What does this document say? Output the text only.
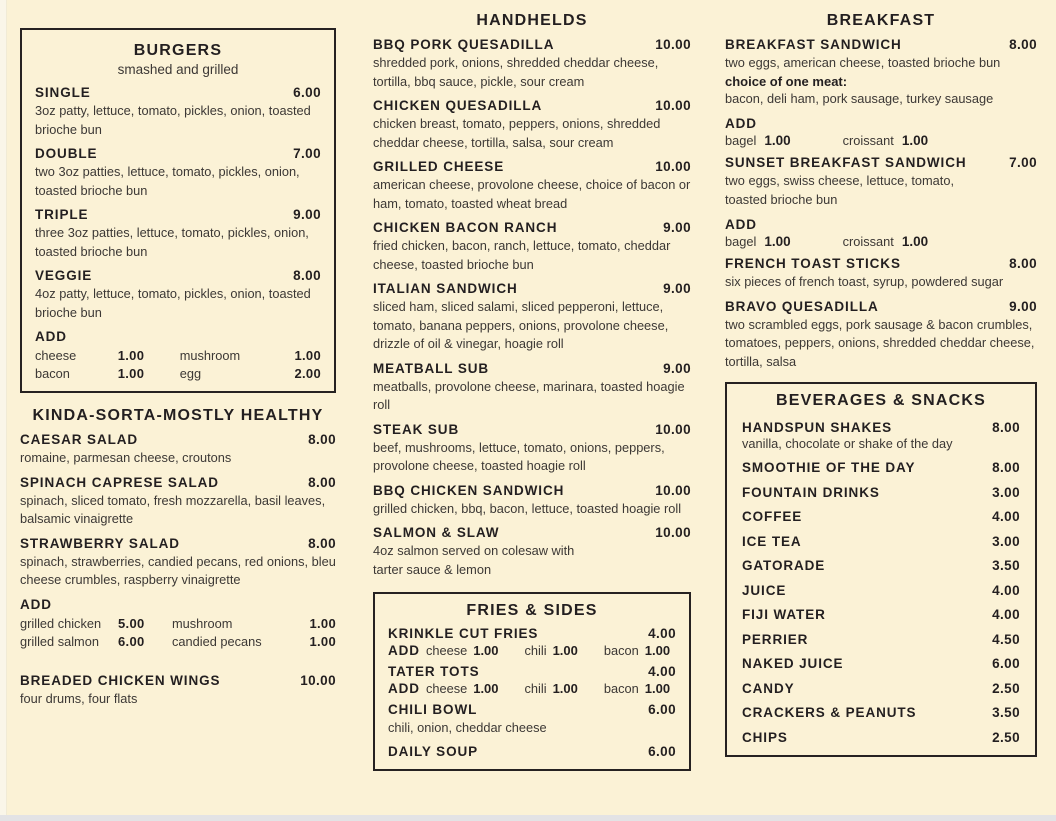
BURGERS
smashed and grilled
SINGLE	6.00
3oz patty, lettuce, tomato, pickles, onion, toasted brioche bun
DOUBLE	7.00
two 3oz patties, lettuce, tomato, pickles, onion, toasted brioche bun
TRIPLE	9.00
three 3oz patties, lettuce, tomato, pickles, onion, toasted brioche bun
VEGGIE	8.00
4oz patty, lettuce, tomato, pickles, onion, toasted brioche bun
ADD
cheese	1.00	mushroom	1.00
bacon	1.00	egg	2.00
KINDA-SORTA-MOSTLY HEALTHY
CAESAR SALAD	8.00
romaine, parmesan cheese, croutons
SPINACH CAPRESE SALAD	8.00
spinach, sliced tomato, fresh mozzarella, basil leaves, balsamic vinaigrette
STRAWBERRY SALAD	8.00
spinach, strawberries, candied pecans, red onions, bleu cheese crumbles, raspberry vinaigrette
ADD
grilled chicken	5.00	mushroom	1.00
grilled salmon	6.00	candied pecans	1.00
BREADED CHICKEN WINGS	10.00
four drums, four flats
HANDHELDS
BBQ PORK QUESADILLA	10.00
shredded pork, onions, shredded cheddar cheese, tortilla, bbq sauce, pickle, sour cream
CHICKEN QUESADILLA	10.00
chicken breast, tomato, peppers, onions, shredded cheddar cheese, tortilla, salsa, sour cream
GRILLED CHEESE	10.00
american cheese, provolone cheese, choice of bacon or ham, tomato, toasted wheat bread
CHICKEN BACON RANCH	9.00
fried chicken, bacon, ranch, lettuce, tomato, cheddar cheese, toasted brioche bun
ITALIAN SANDWICH	9.00
sliced ham, sliced salami, sliced pepperoni, lettuce, tomato, banana peppers, onions, provolone cheese, drizzle of oil & vinegar, hoagie roll
MEATBALL SUB	9.00
meatballs, provolone cheese, marinara, toasted hoagie roll
STEAK SUB	10.00
beef, mushrooms, lettuce, tomato, onions, peppers, provolone cheese, toasted hoagie roll
BBQ CHICKEN SANDWICH	10.00
grilled chicken, bbq, bacon, lettuce, toasted hoagie roll
SALMON & SLAW	10.00
4oz salmon served on colesaw with tarter sauce & lemon
FRIES & SIDES
KRINKLE CUT FRIES	4.00
ADD cheese 1.00 chili 1.00 bacon 1.00
TATER TOTS	4.00
ADD cheese 1.00 chili 1.00 bacon 1.00
CHILI BOWL	6.00
chili, onion, cheddar cheese
DAILY SOUP	6.00
BREAKFAST
BREAKFAST SANDWICH	8.00
two eggs, american cheese, toasted brioche bun
choice of one meat:
bacon, deli ham, pork sausage, turkey sausage
ADD
bagel 1.00	croissant 1.00
SUNSET BREAKFAST SANDWICH	7.00
two eggs, swiss cheese, lettuce, tomato, toasted brioche bun
ADD
bagel 1.00	croissant 1.00
FRENCH TOAST STICKS	8.00
six pieces of french toast, syrup, powdered sugar
BRAVO QUESADILLA	9.00
two scrambled eggs, pork sausage & bacon crumbles, tomatoes, peppers, onions, shredded cheddar cheese, tortilla, salsa
BEVERAGES & SNACKS
HANDSPUN SHAKES	8.00
vanilla, chocolate or shake of the day
SMOOTHIE OF THE DAY	8.00
FOUNTAIN DRINKS	3.00
COFFEE	4.00
ICE TEA	3.00
GATORADE	3.50
JUICE	4.00
FIJI WATER	4.00
PERRIER	4.50
NAKED JUICE	6.00
CANDY	2.50
CRACKERS & PEANUTS	3.50
CHIPS	2.50
